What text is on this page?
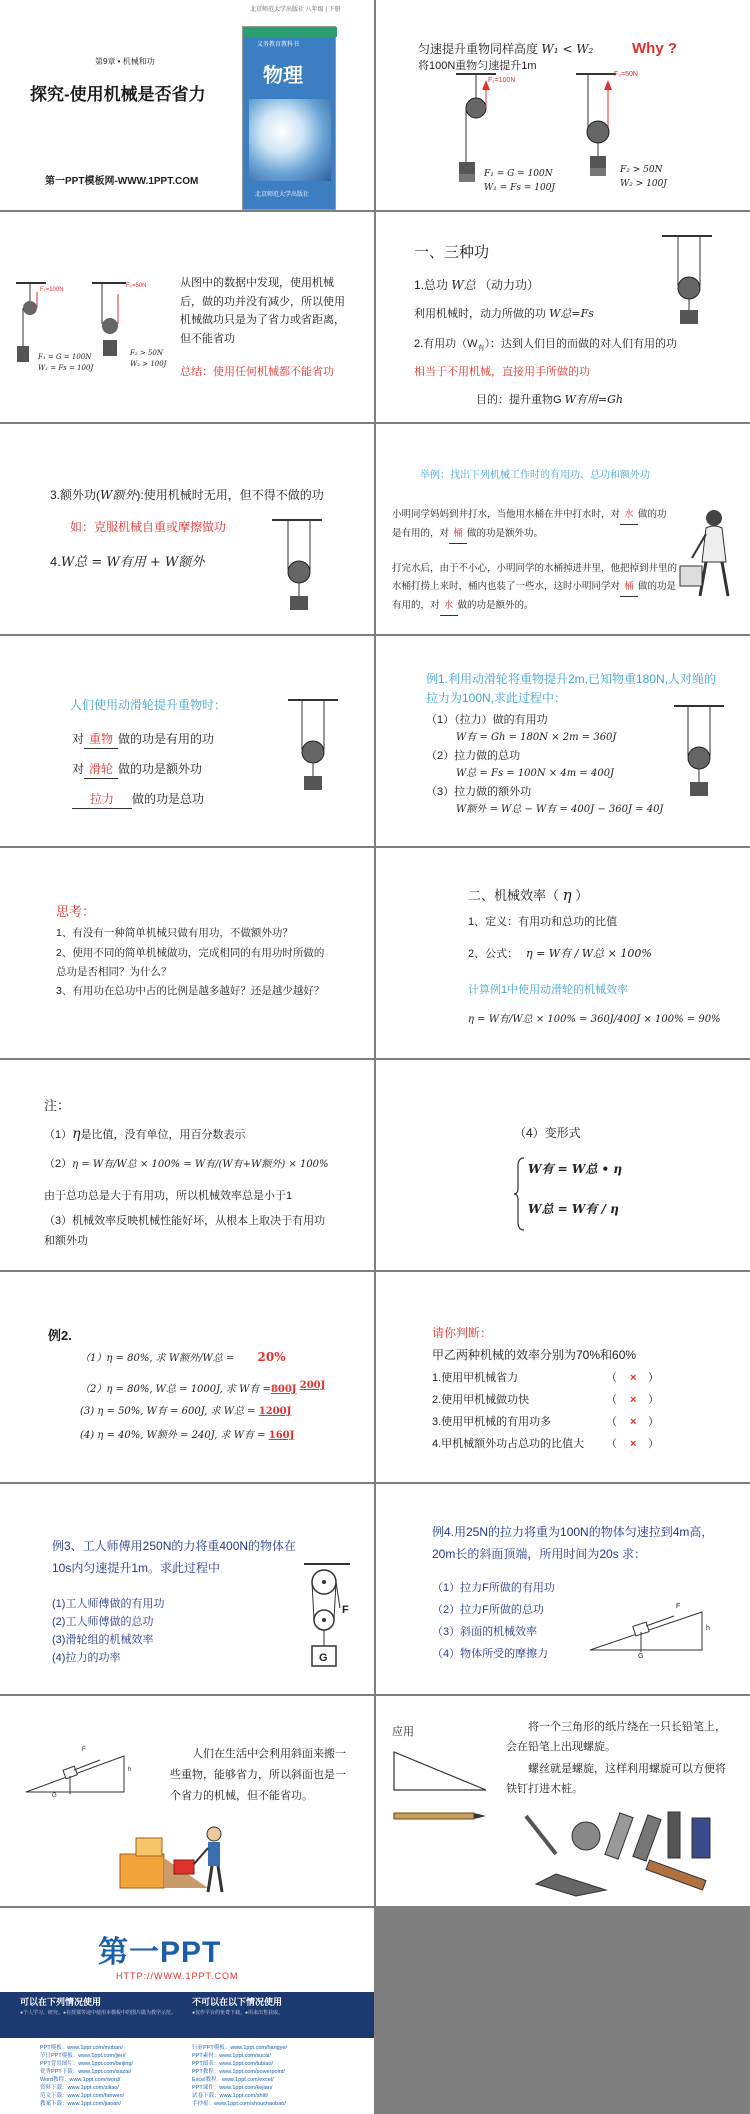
北京师范大学出版社 八年级 | 下册
第9章 • 机械和功
探究-使用机械是否省力
第一PPT模板网-WWW.1PPT.COM
物理
义务教育教科书
北京师范大学出版社
匀速提升重物同样高度 W₁ < W₂	Why ?
将100N重物匀速提升1m
F₁=100N
F₂=50N
F₁ = G = 100N
W₁ = Fs = 100J
F₂ > 50N
W₂ > 100J
F₁=100N
F₂=50N
F₁ = G = 100N
W₁ = Fs = 100J
F₂ > 50N
W₂ > 100J
从图中的数据中发现，使用机械后，做的功并没有减少，所以使用机械做功只是为了省力或省距离，但不能省功
总结：使用任何机械都不能省功
一、三种功
1.总功 W总 （动力功）
利用机械时，动力所做的功 W总=Fs
2.有用功$(W_有)$：达到人们目的而做的对人们有用的功
相当于不用机械，直接用手所做的功
目的：提升重物G W有用=Gh
3.额外功(W额外):使用机械时无用，但不得不做的功
如：克服机械自重或摩擦做功
4.W总 = W有用 + W额外
举例：找出下列机械工作时的有用功、总功和额外功
小明同学妈妈到井打水，当他用水桶在井中打水时，对 水 做的功是有用的，对 桶 做的功是额外功。
打完水后，由于不小心，小明同学的水桶掉进井里，他把掉到井里的水桶打捞上来时，桶内也装了一些水，这时小明同学对 桶 做的功是有用的，对 水 做的功是额外的。
人们使用动滑轮提升重物时：
对 重物 做的功是有用的功
对 滑轮 做的功是额外功
拉力 做的功是总功
例1.利用动滑轮将重物提升2m,已知物重180N,人对绳的拉力为100N,求此过程中：
（1）（拉力）做的有用功
W有 = Gh = 180N × 2m = 360J
（2）拉力做的总功
W总 = Fs = 100N × 4m = 400J
（3）拉力做的额外功
W额外 = W总 − W有 = 400J − 360J = 40J
思考：
1、有没有一种简单机械只做有用功，不做额外功？
2、使用不同的简单机械做功，完成相同的有用功时所做的总功是否相同？为什么？
3、有用功在总功中占的比例是越多越好？还是越少越好？
二、机械效率（ η ）
1、定义：有用功和总功的比值
2、公式： η = W有 / W总 × 100%
计算例1中使用动滑轮的机械效率
η = W有/W总 × 100% = 360J/400J × 100% = 90%
注：
（1）η是比值，没有单位，用百分数表示
（2）η = W有/W总 × 100% = W有/(W有+W额外) × 100%
由于总功总是大于有用功，所以机械效率总是小于1
（3）机械效率反映机械性能好坏，从根本上取决于有用功和额外功
（4）变形式
W有 = W总 • η
W总 = W有 / η
例2.
（1）η = 80%, 求 W额外/W总 = 20%
（2）η = 80%, W总 = 1000J, 求 W有 =800J 200J
(3) η = 50%, W有 = 600J, 求 W总 = 1200J
(4) η = 40%, W额外 = 240J, 求 W有 = 160J
请你判断：
甲乙两种机械的效率分别为70%和60%
1.使用甲机械省力	（ × ）
2.使用甲机械做功快	（ × ）
3.使用甲机械的有用功多	（ × ）
4.甲机械额外功占总功的比值大 （ × ）
例3、工人师傅用250N的力将重400N的物体在10s内匀速提升1m。求此过程中
(1)工人师傅做的有用功
(2)工人师傅做的总功
(3)滑轮组的机械效率
(4)拉力的功率
F
G
例4.用25N的拉力将重为100N的物体匀速拉到4m高，20m长的斜面顶端，所用时间为20s 求：
（1）拉力F所做的有用功
（2）拉力F所做的总功
（3）斜面的机械效率
（4）物体所受的摩擦力
F
h
G
F
h
G
人们在生活中会利用斜面来搬一些重物，能够省力，所以斜面也是一个省力的机械，但不能省功。
应用	将一个三角形的纸片绕在一只长铅笔上，会在铅笔上出现螺旋。
螺丝就是螺旋，这样利用螺旋可以方便将铁钉打进木桩。
第一PPT
HTTP://WWW.1PPT.COM
可以在下列情况使用
●个人学习、研究。●在授课等途中使用本模板中的图片做为教学示范。
不可以在以下情况使用
●仅作平台的免费下载。●用来出售获取。
PPT模板：www.1ppt.com/moban/
节日PPT模板：www.1ppt.com/jieri/
PPT背景图片：www.1ppt.com/beijing/
优秀PPT下载：www.1ppt.com/xiazai/
Word教程：www.1ppt.com/word/
资料下载：www.1ppt.com/ziliao/
范文下载：www.1ppt.com/fanwen/
教案下载：www.1ppt.com/jiaoan/
行业PPT模板：www.1ppt.com/hangye/
PPT素材：www.1ppt.com/sucai/
PPT图表：www.1ppt.com/tubiao/
PPT教程：www.1ppt.com/powerpoint/
Excel教程：www.1ppt.com/excel/
PPT课件：www.1ppt.com/kejian/
试卷下载：www.1ppt.com/shiti/
手抄报：www.1ppt.com/shouchaobao/
